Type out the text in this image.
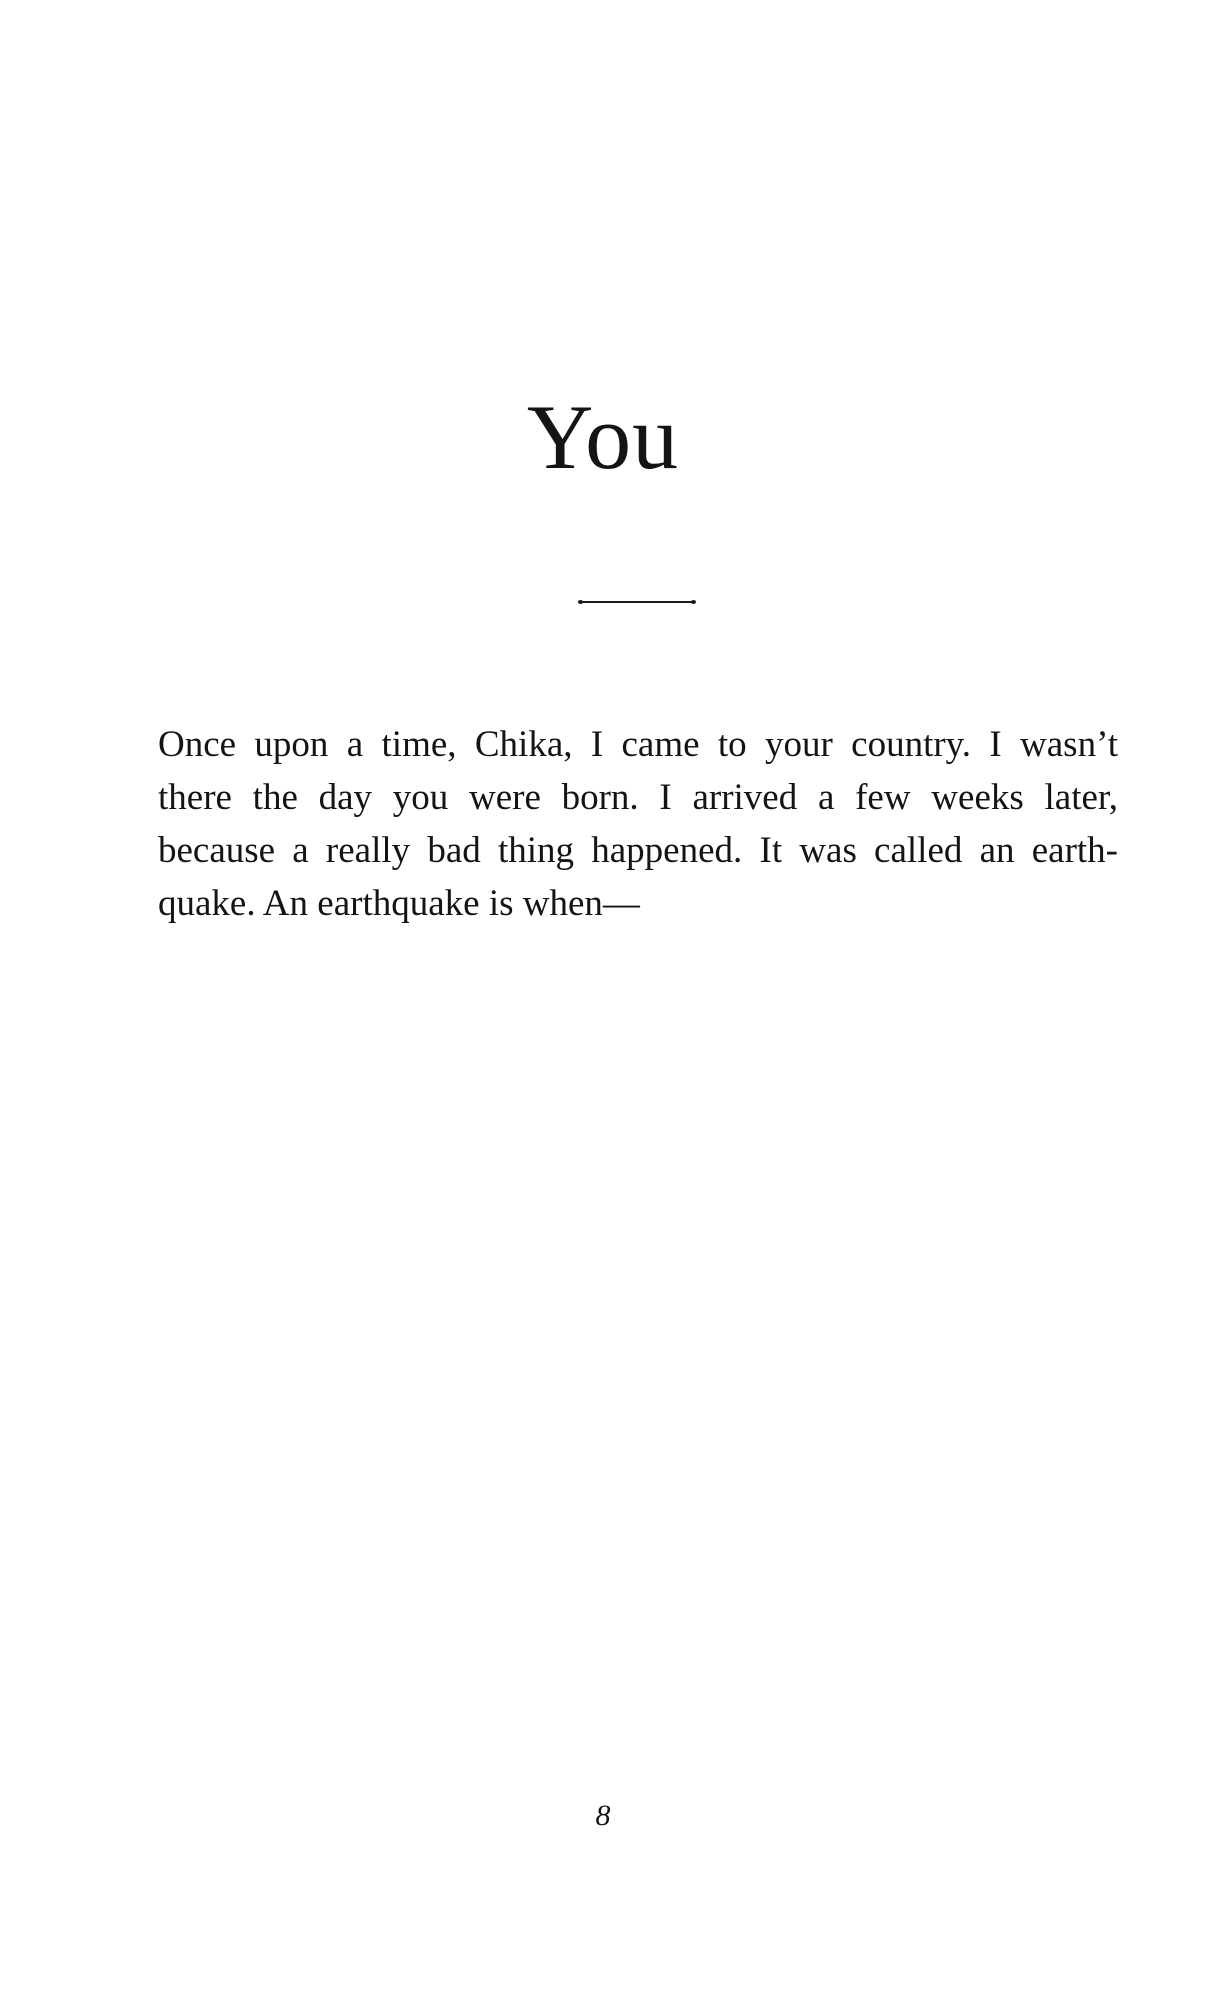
You

Once upon a time, Chika, I came to your country. I wasn’t
there the day you were born. I arrived a few weeks later,
because a really bad thing happened. It was called an earth-
quake. An earthquake is when—

8
